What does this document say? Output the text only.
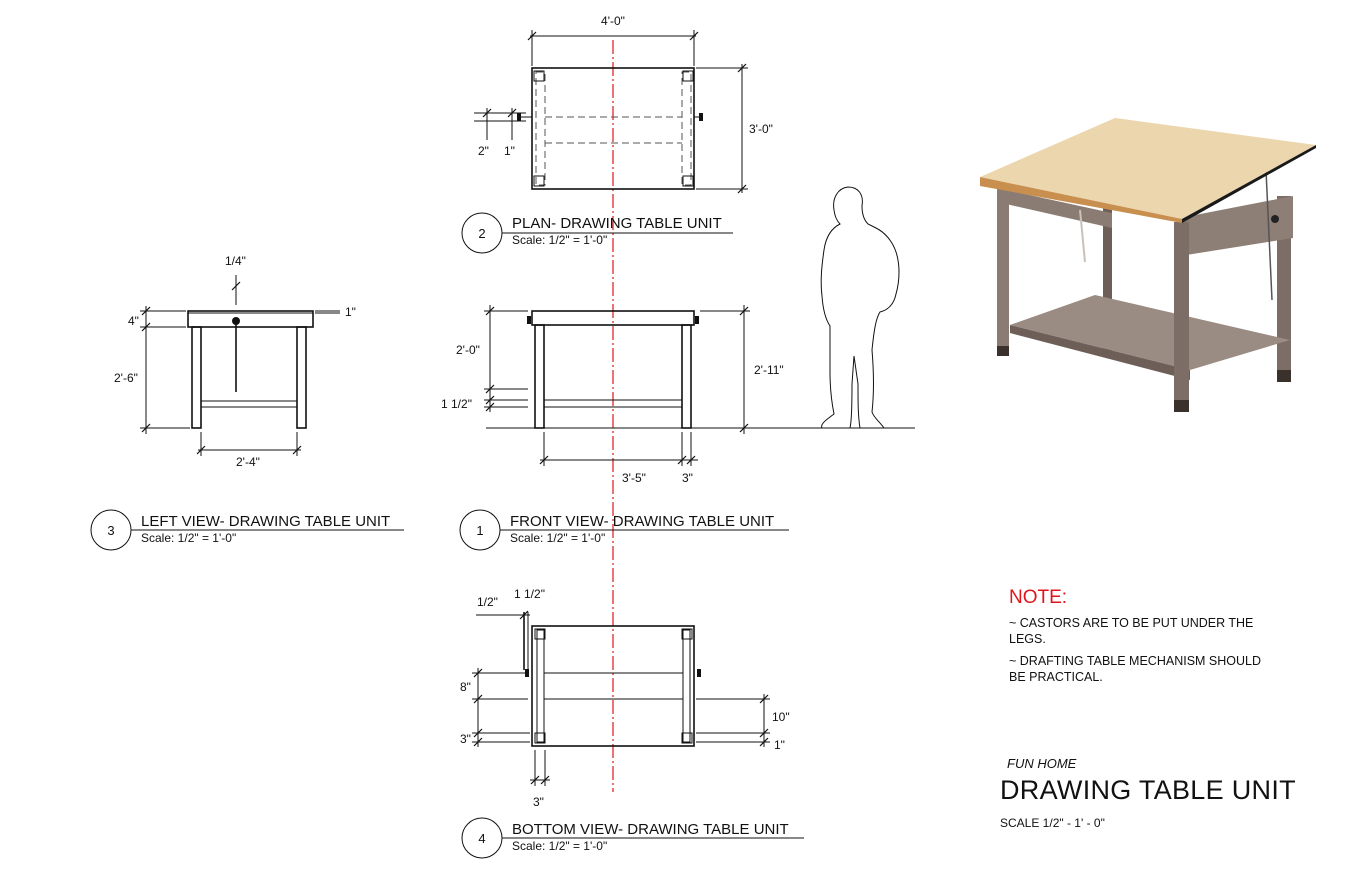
4'-0"
3'-0"
2" 1"
2
PLAN- DRAWING TABLE UNIT
Scale: 1/2" = 1'-0"
1/4"
4"
1"
2'-6"
2'-4"
3
LEFT VIEW- DRAWING TABLE UNIT
Scale: 1/2" = 1'-0"
2'-0"
1 1/2"
2'-11"
3'-5"	3"
1
FRONT VIEW- DRAWING TABLE UNIT
Scale: 1/2" = 1'-0"
1/2"
1 1/2"
8"
3"
10"
1"
3"
4
BOTTOM VIEW- DRAWING TABLE UNIT
Scale: 1/2" = 1'-0"
NOTE:
~ CASTORS ARE TO BE PUT UNDER THE LEGS.
~ DRAFTING TABLE MECHANISM SHOULD BE PRACTICAL.
FUN HOME
DRAWING TABLE UNIT
SCALE 1/2" - 1' - 0"
